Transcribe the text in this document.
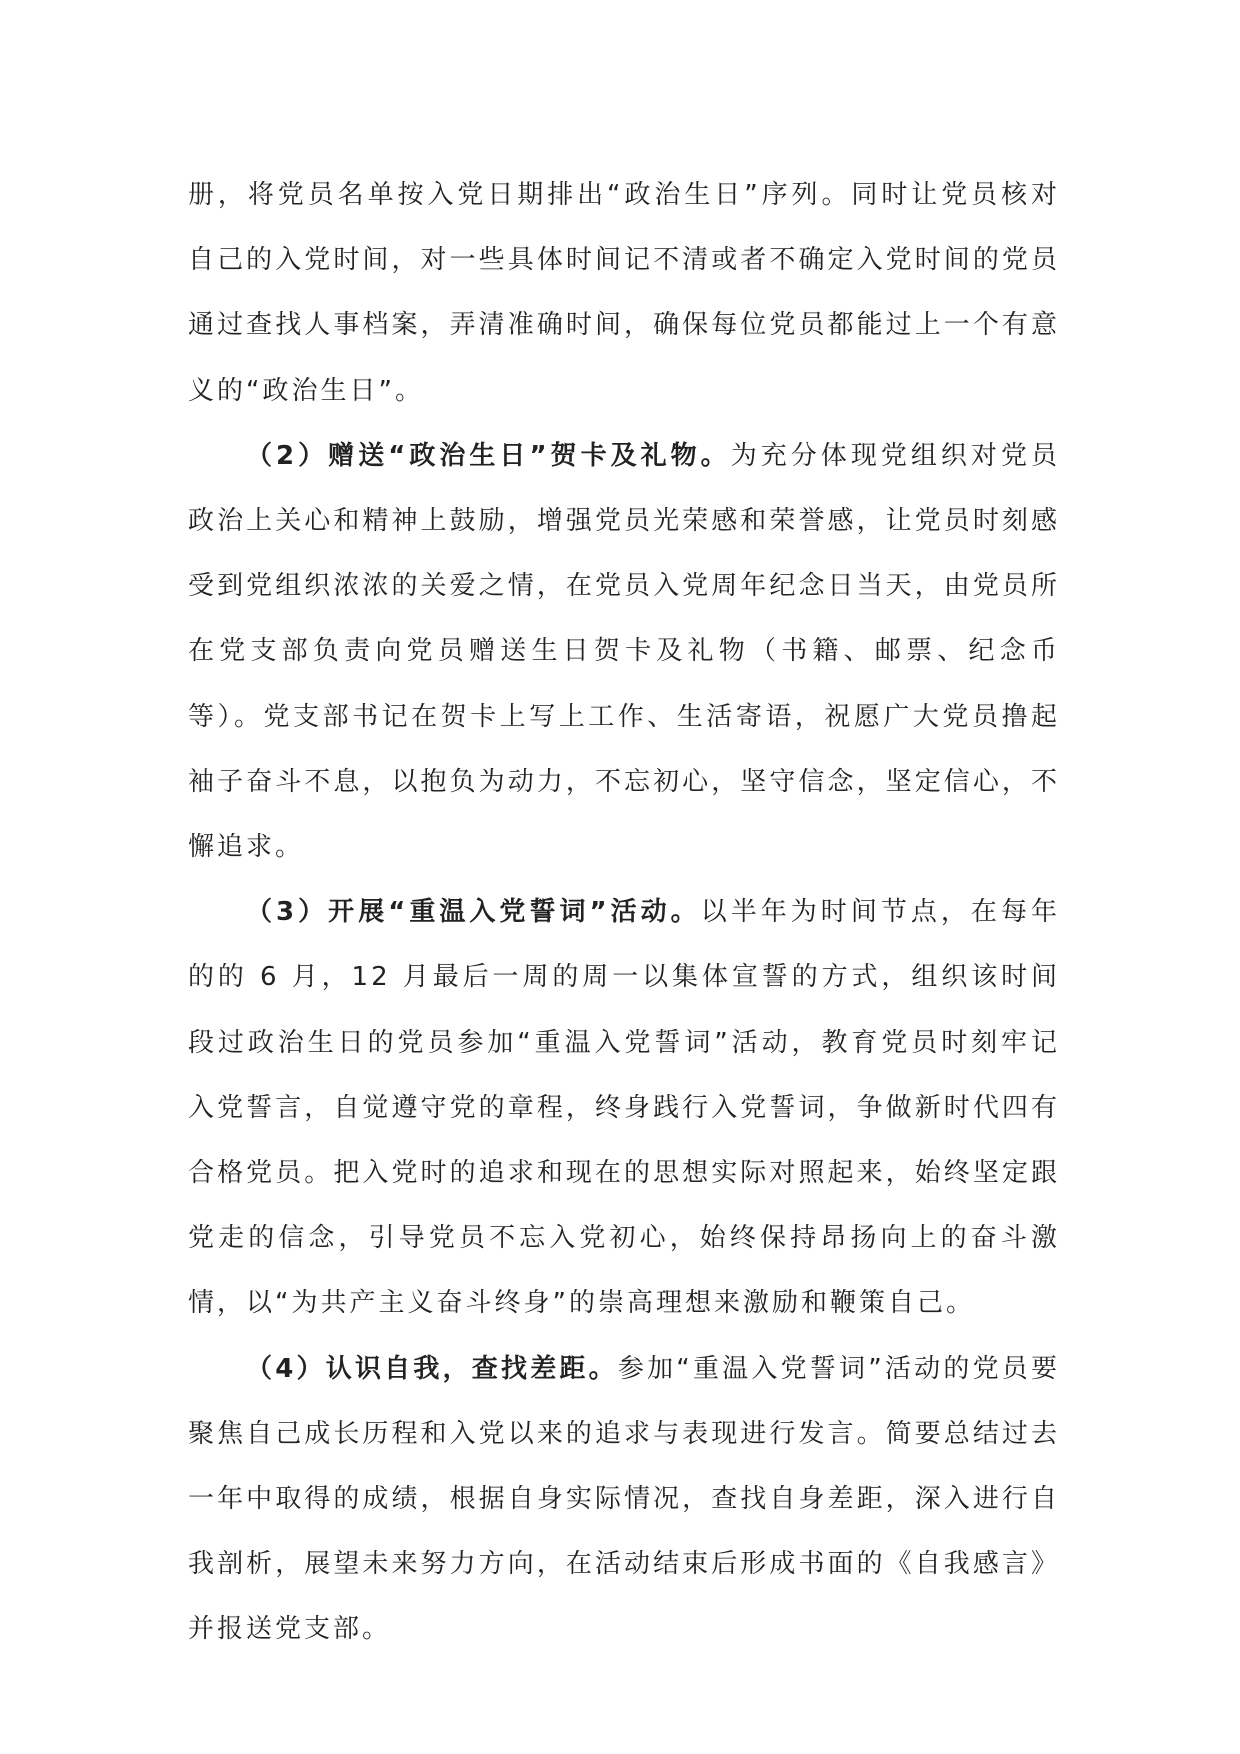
册，将党员名单按入党日期排出“政治生日”序列。同时让党员核对自己的入党时间，对一些具体时间记不清或者不确定入党时间的党员通过查找人事档案，弄清准确时间，确保每位党员都能过上一个有意义的“政治生日”。

（2）赠送“政治生日”贺卡及礼物。为充分体现党组织对党员政治上关心和精神上鼓励，增强党员光荣感和荣誉感，让党员时刻感受到党组织浓浓的关爱之情，在党员入党周年纪念日当天，由党员所在党支部负责向党员赠送生日贺卡及礼物（书籍、邮票、纪念币等）。党支部书记在贺卡上写上工作、生活寄语，祝愿广大党员撸起袖子奋斗不息，以抱负为动力，不忘初心，坚守信念，坚定信心，不懈追求。

（3）开展“重温入党誓词”活动。以半年为时间节点，在每年的的 6 月，12 月最后一周的周一以集体宣誓的方式，组织该时间段过政治生日的党员参加“重温入党誓词”活动，教育党员时刻牢记入党誓言，自觉遵守党的章程，终身践行入党誓词，争做新时代四有合格党员。把入党时的追求和现在的思想实际对照起来，始终坚定跟党走的信念，引导党员不忘入党初心，始终保持昂扬向上的奋斗激情，以“为共产主义奋斗终身”的崇高理想来激励和鞭策自己。

（4）认识自我，查找差距。参加“重温入党誓词”活动的党员要聚焦自己成长历程和入党以来的追求与表现进行发言。简要总结过去一年中取得的成绩，根据自身实际情况，查找自身差距，深入进行自我剖析，展望未来努力方向，在活动结束后形成书面的《自我感言》并报送党支部。
